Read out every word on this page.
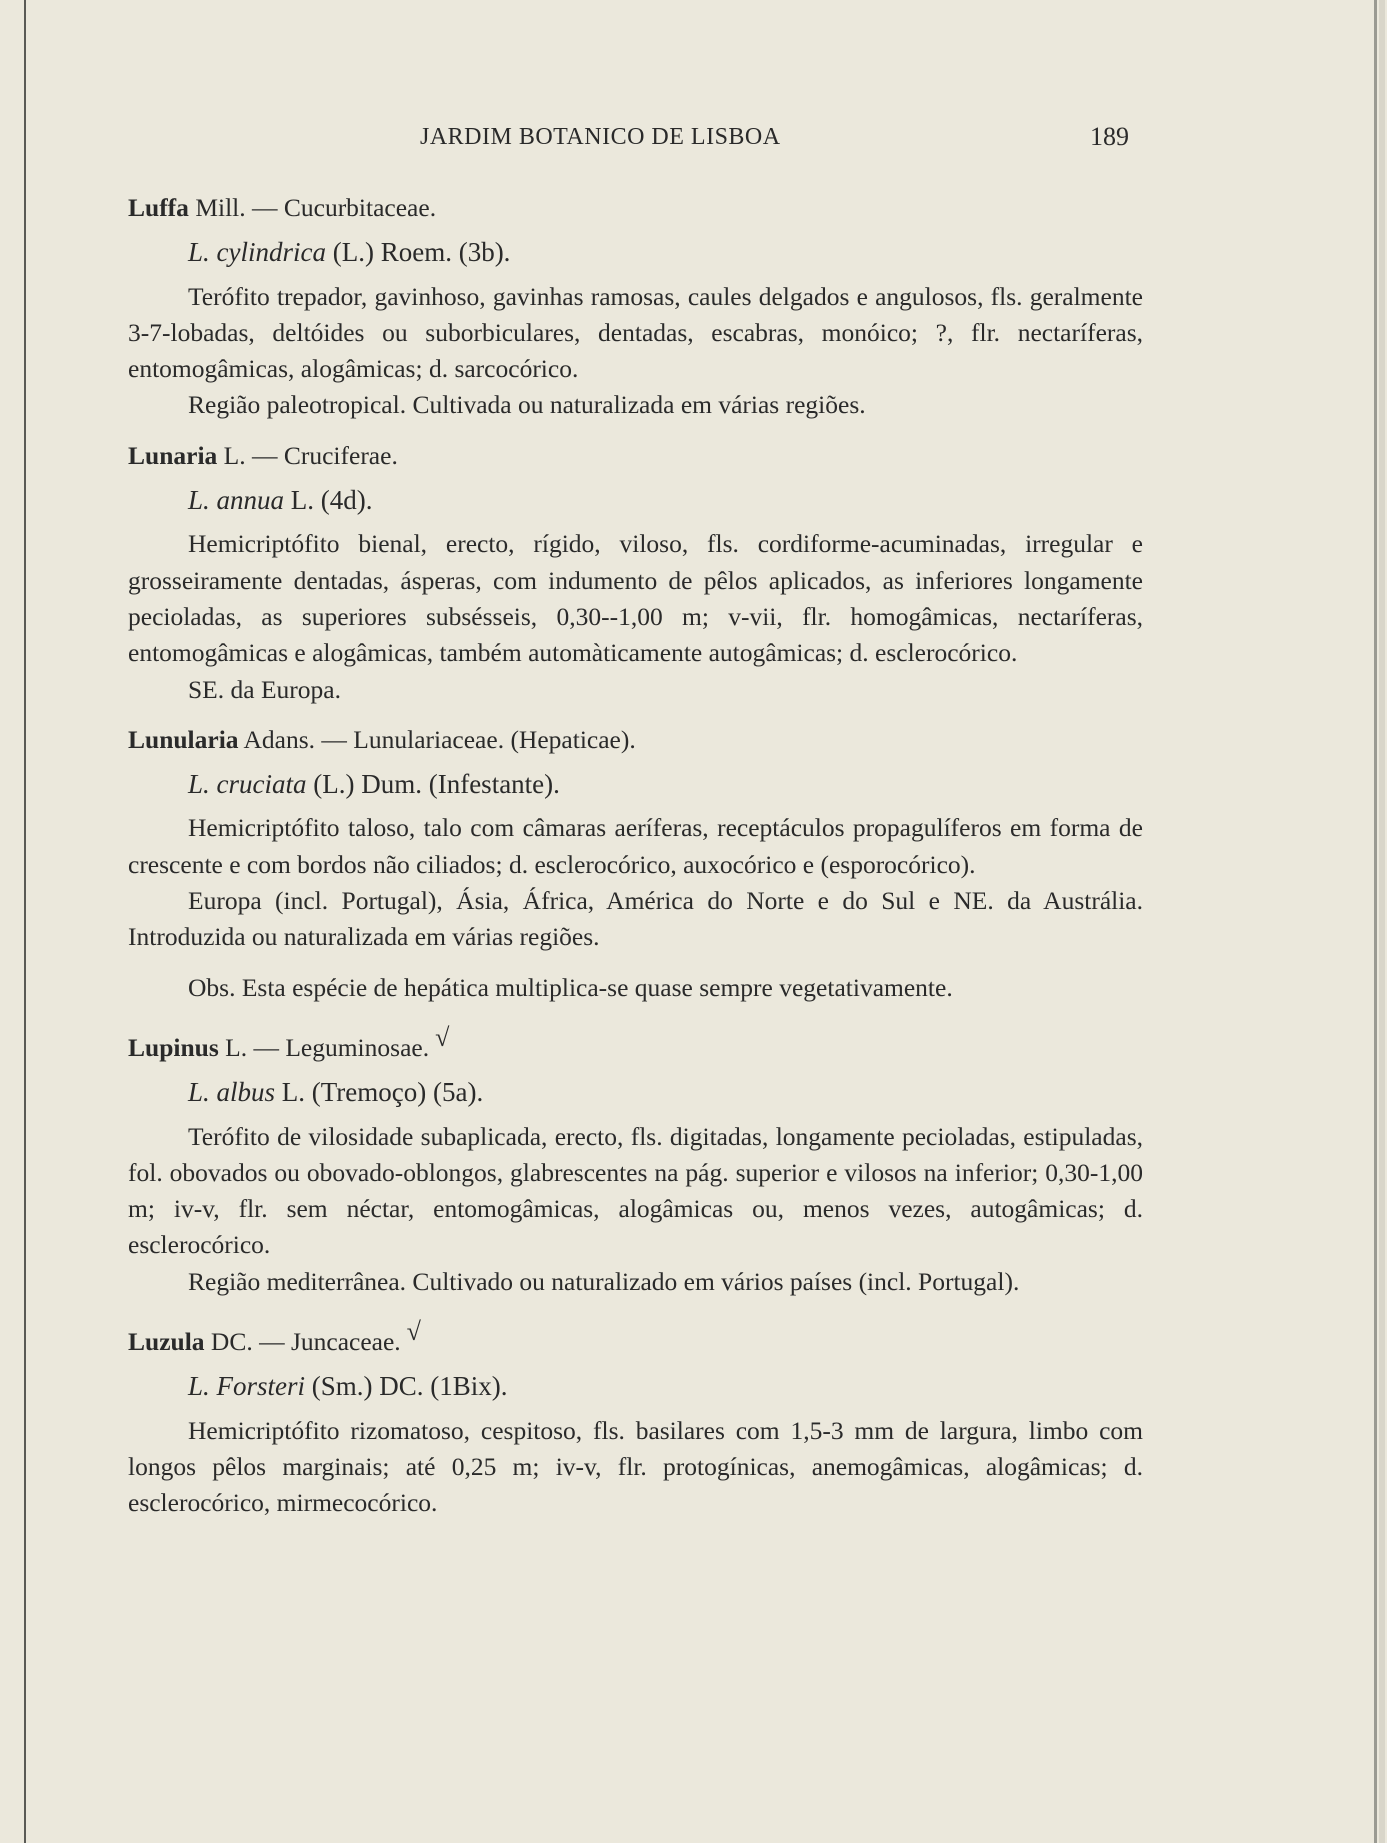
JARDIM BOTANICO DE LISBOA	189

Luffa Mill. — Cucurbitaceae.

L. cylindrica (L.) Roem. (3b).

Terófito trepador, gavinhoso, gavinhas ramosas, caules delgados e angulosos, fls. geralmente 3-7-lobadas, deltóides ou suborbiculares, dentadas, escabras, monóico; ?, flr. nectaríferas, entomogâmicas, alogâmicas; d. sarcocórico.

Região paleotropical. Cultivada ou naturalizada em várias regiões.

Lunaria L. — Cruciferae.

L. annua L. (4d).

Hemicriptófito bienal, erecto, rígido, viloso, fls. cordiforme-acuminadas, irregular e grosseiramente dentadas, ásperas, com indumento de pêlos aplicados, as inferiores longamente pecioladas, as superiores subsésseis, 0,30--1,00 m; v-vii, flr. homogâmicas, nectaríferas, entomogâmicas e alogâmicas, também automàticamente autogâmicas; d. esclerocórico.

SE. da Europa.

Lunularia Adans. — Lunulariaceae. (Hepaticae).

L. cruciata (L.) Dum. (Infestante).

Hemicriptófito taloso, talo com câmaras aeríferas, receptáculos propagulíferos em forma de crescente e com bordos não ciliados; d. esclerocórico, auxocórico e (esporocórico).

Europa (incl. Portugal), Ásia, África, América do Norte e do Sul e NE. da Austrália. Introduzida ou naturalizada em várias regiões.

Obs. Esta espécie de hepática multiplica-se quase sempre vegetativamente.

Lupinus L. — Leguminosae. √

L. albus L. (Tremoço) (5a).

Terófito de vilosidade subaplicada, erecto, fls. digitadas, longamente pecioladas, estipuladas, fol. obovados ou obovado-oblongos, glabrescentes na pág. superior e vilosos na inferior; 0,30-1,00 m; iv-v, flr. sem néctar, entomogâmicas, alogâmicas ou, menos vezes, autogâmicas; d. esclerocórico.

Região mediterrânea. Cultivado ou naturalizado em vários países (incl. Portugal).

Luzula DC. — Juncaceae. √

L. Forsteri (Sm.) DC. (1Bix).

Hemicriptófito rizomatoso, cespitoso, fls. basilares com 1,5-3 mm de largura, limbo com longos pêlos marginais; até 0,25 m; iv-v, flr. protogínicas, anemogâmicas, alogâmicas; d. esclerocórico, mirmecocórico.
